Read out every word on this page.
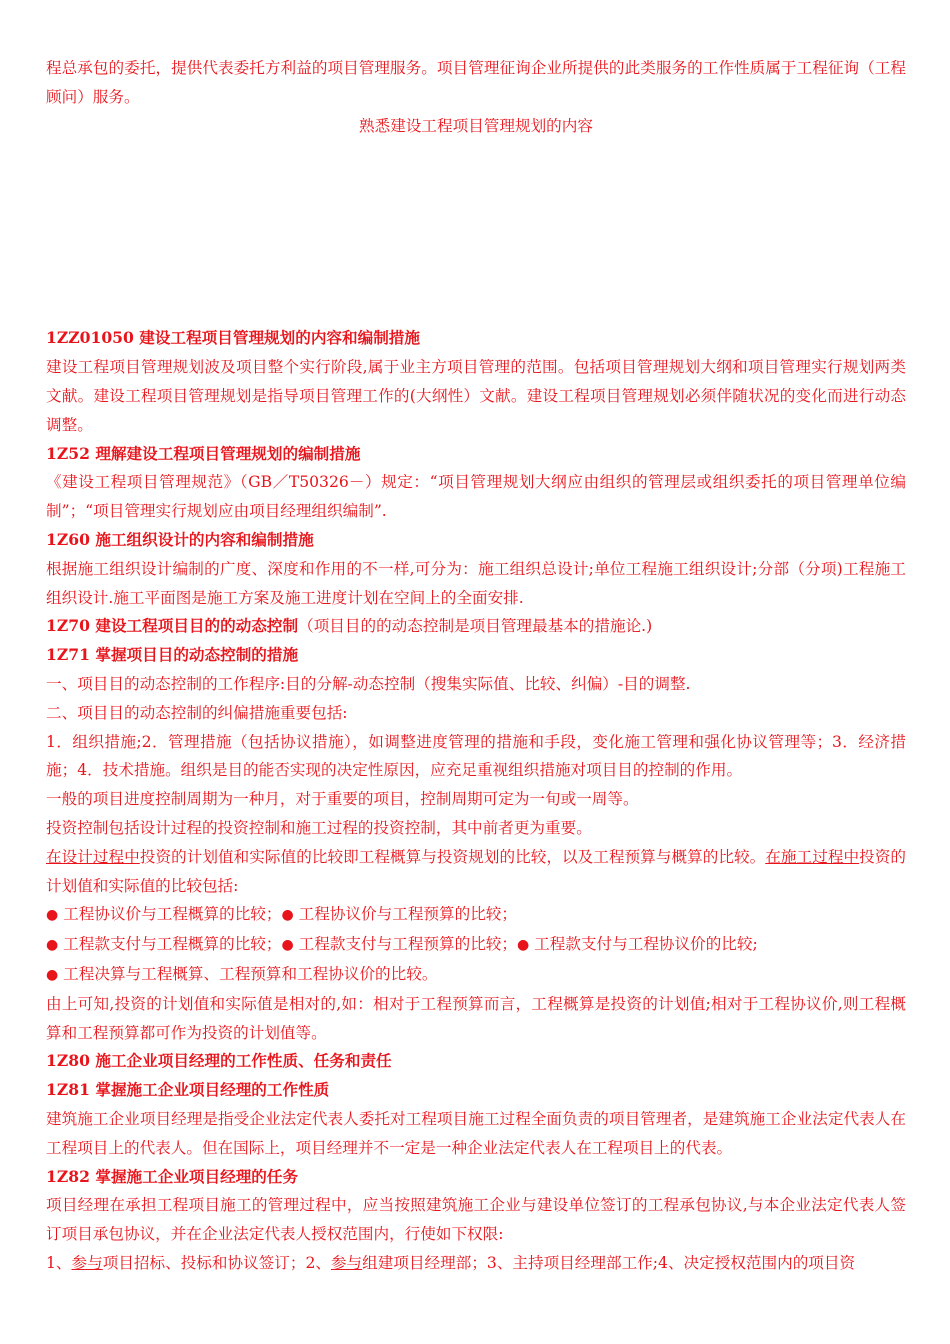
程总承包的委托，提供代表委托方利益的项目管理服务。项目管理征询企业所提供的此类服务的工作性质属于工程征询（工程顾问）服务。

熟悉建设工程项目管理规划的内容

1ZZ01050 建设工程项目管理规划的内容和编制措施

建设工程项目管理规划波及项目整个实行阶段,属于业主方项目管理的范围。包括项目管理规划大纲和项目管理实行规划两类文献。建设工程项目管理规划是指导项目管理工作的(大纲性）文献。建设工程项目管理规划必须伴随状况的变化而进行动态调整。

1Z52 理解建设工程项目管理规划的编制措施

《建设工程项目管理规范》（GB／T50326－）规定：“项目管理规划大纲应由组织的管理层或组织委托的项目管理单位编制”；“项目管理实行规划应由项目经理组织编制”.

1Z60 施工组织设计的内容和编制措施

根据施工组织设计编制的广度、深度和作用的不一样,可分为：施工组织总设计;单位工程施工组织设计;分部（分项)工程施工组织设计.施工平面图是施工方案及施工进度计划在空间上的全面安排.

1Z70 建设工程项目目的的动态控制（项目目的的动态控制是项目管理最基本的措施论.)

1Z71 掌握项目目的动态控制的措施

一、项目目的动态控制的工作程序:目的分解-动态控制（搜集实际值、比较、纠偏）-目的调整.

二、项目目的动态控制的纠偏措施重要包括:

1．组织措施;2．管理措施（包括协议措施），如调整进度管理的措施和手段，变化施工管理和强化协议管理等；3．经济措施；4．技术措施。组织是目的能否实现的决定性原因，应充足重视组织措施对项目目的控制的作用。

一般的项目进度控制周期为一种月，对于重要的项目，控制周期可定为一旬或一周等。

投资控制包括设计过程的投资控制和施工过程的投资控制，其中前者更为重要。

在设计过程中投资的计划值和实际值的比较即工程概算与投资规划的比较，以及工程预算与概算的比较。在施工过程中投资的计划值和实际值的比较包括:

● 工程协议价与工程概算的比较；● 工程协议价与工程预算的比较；

● 工程款支付与工程概算的比较；● 工程款支付与工程预算的比较；● 工程款支付与工程协议价的比较;

● 工程决算与工程概算、工程预算和工程协议价的比较。

由上可知,投资的计划值和实际值是相对的,如：相对于工程预算而言，工程概算是投资的计划值;相对于工程协议价,则工程概算和工程预算都可作为投资的计划值等。

1Z80 施工企业项目经理的工作性质、任务和责任

1Z81 掌握施工企业项目经理的工作性质

建筑施工企业项目经理是指受企业法定代表人委托对工程项目施工过程全面负责的项目管理者，是建筑施工企业法定代表人在工程项目上的代表人。但在国际上，项目经理并不一定是一种企业法定代表人在工程项目上的代表。

1Z82 掌握施工企业项目经理的任务

项目经理在承担工程项目施工的管理过程中，应当按照建筑施工企业与建设单位签订的工程承包协议,与本企业法定代表人签订项目承包协议，并在企业法定代表人授权范围内，行使如下权限:

1、参与项目招标、投标和协议签订；2、参与组建项目经理部；3、主持项目经理部工作;4、决定授权范围内的项目资
